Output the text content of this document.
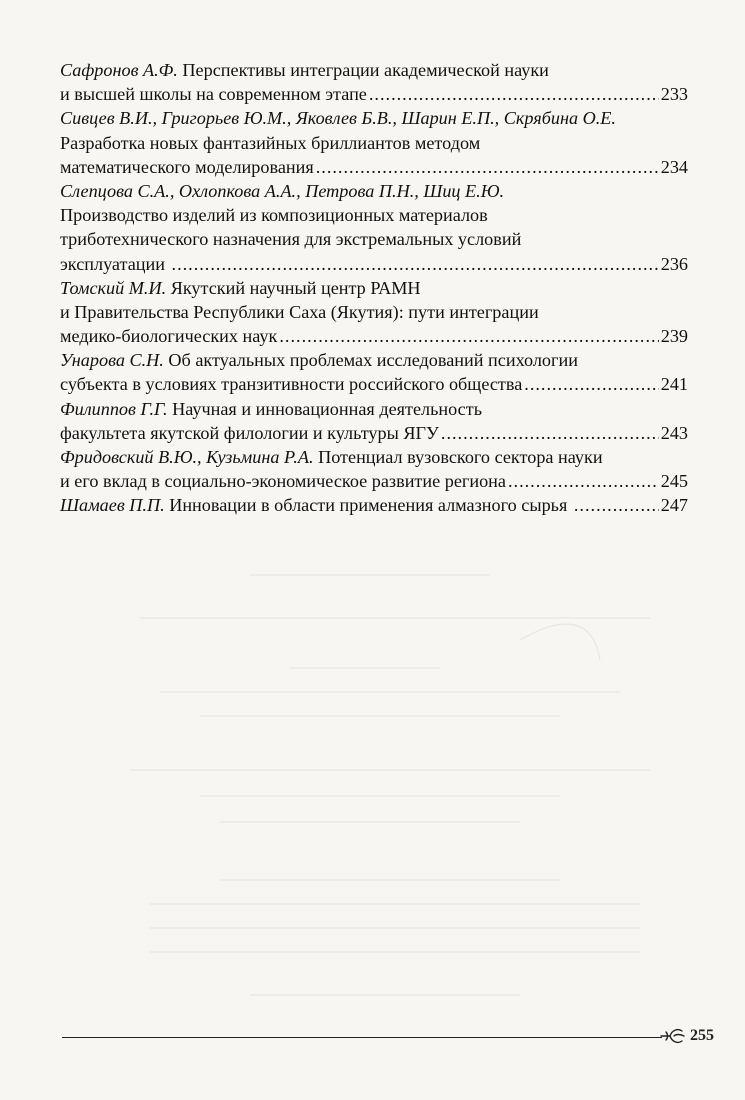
Сафронов А.Ф. Перспективы интеграции академической науки
и высшей школы на современном этапе .....	233
Сивцев В.И., Григорьев Ю.М., Яковлев Б.В., Шарин Е.П., Скрябина О.Е.
Разработка новых фантазийных бриллиантов методом
математического моделирования .....	234
Слепцова С.А., Охлопкова А.А., Петрова П.Н., Шиц Е.Ю.
Производство изделий из композиционных материалов
триботехнического назначения для экстремальных условий
эксплуатации .....	236
Томский М.И. Якутский научный центр РАМН
и Правительства Республики Саха (Якутия): пути интеграции
медико-биологических наук .....	239
Унарова С.Н. Об актуальных проблемах исследований психологии
субъекта в условиях транзитивности российского общества .....	241
Филиппов Г.Г. Научная и инновационная деятельность
факультета якутской филологии и культуры ЯГУ .....	243
Фридовский В.Ю., Кузьмина Р.А. Потенциал вузовского сектора науки
и его вклад в социально-экономическое развитие региона .....	245
Шамаев П.П. Инновации в области применения алмазного сырья .....	247
255
